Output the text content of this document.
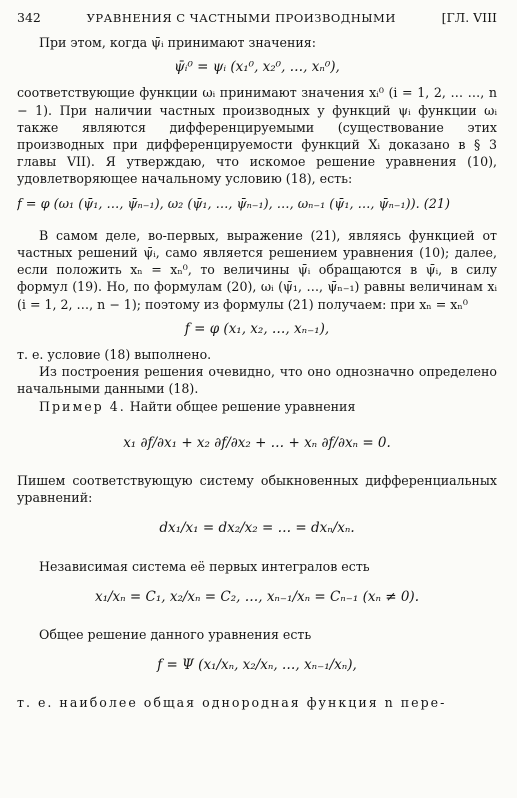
342	УРАВНЕНИЯ С ЧАСТНЫМИ ПРОИЗВОДНЫМИ	[ГЛ. VIII

При этом, когда ψ̄ᵢ принимают значения:

ψ̄ᵢ⁰ = ψᵢ (x₁⁰, x₂⁰, …, xₙ⁰),

соответствующие функции ωᵢ принимают значения xᵢ⁰ (i = 1, 2, … …, n − 1). При наличии частных производных у функций ψᵢ функции ωᵢ также являются дифференцируемыми (существование этих производных при дифференцируемости функций Xᵢ доказано в § 3 главы VII). Я утверждаю, что искомое решение уравнения (10), удовлетворяющее начальному условию (18), есть:

f = φ (ω₁ (ψ̄₁, …, ψ̄ₙ₋₁), ω₂ (ψ̄₁, …, ψ̄ₙ₋₁), …, ωₙ₋₁ (ψ̄₁, …, ψ̄ₙ₋₁)). (21)

В самом деле, во-первых, выражение (21), являясь функцией от частных решений ψ̄ᵢ, само является решением уравнения (10); далее, если положить xₙ = xₙ⁰, то величины ψ̄ᵢ обращаются в ψ̄ᵢ, в силу формул (19). Но, по формулам (20), ωᵢ (ψ̄₁, …, ψ̄ₙ₋₁) равны величинам xᵢ (i = 1, 2, …, n − 1); поэтому из формулы (21) получаем: при xₙ = xₙ⁰

f = φ (x₁, x₂, …, xₙ₋₁),

т. е. условие (18) выполнено.

Из построения решения очевидно, что оно однозначно определено начальными данными (18).

Пример 4. Найти общее решение уравнения

x₁ ∂f/∂x₁ + x₂ ∂f/∂x₂ + … + xₙ ∂f/∂xₙ = 0.

Пишем соответствующую систему обыкновенных дифференциальных уравнений:

dx₁/x₁ = dx₂/x₂ = … = dxₙ/xₙ.

Независимая система её первых интегралов есть

x₁/xₙ = C₁, x₂/xₙ = C₂, …, xₙ₋₁/xₙ = Cₙ₋₁ (xₙ ≠ 0).

Общее решение данного уравнения есть

f = Ψ (x₁/xₙ, x₂/xₙ, …, xₙ₋₁/xₙ),

т. е. наиболее общая однородная функция n пере-
